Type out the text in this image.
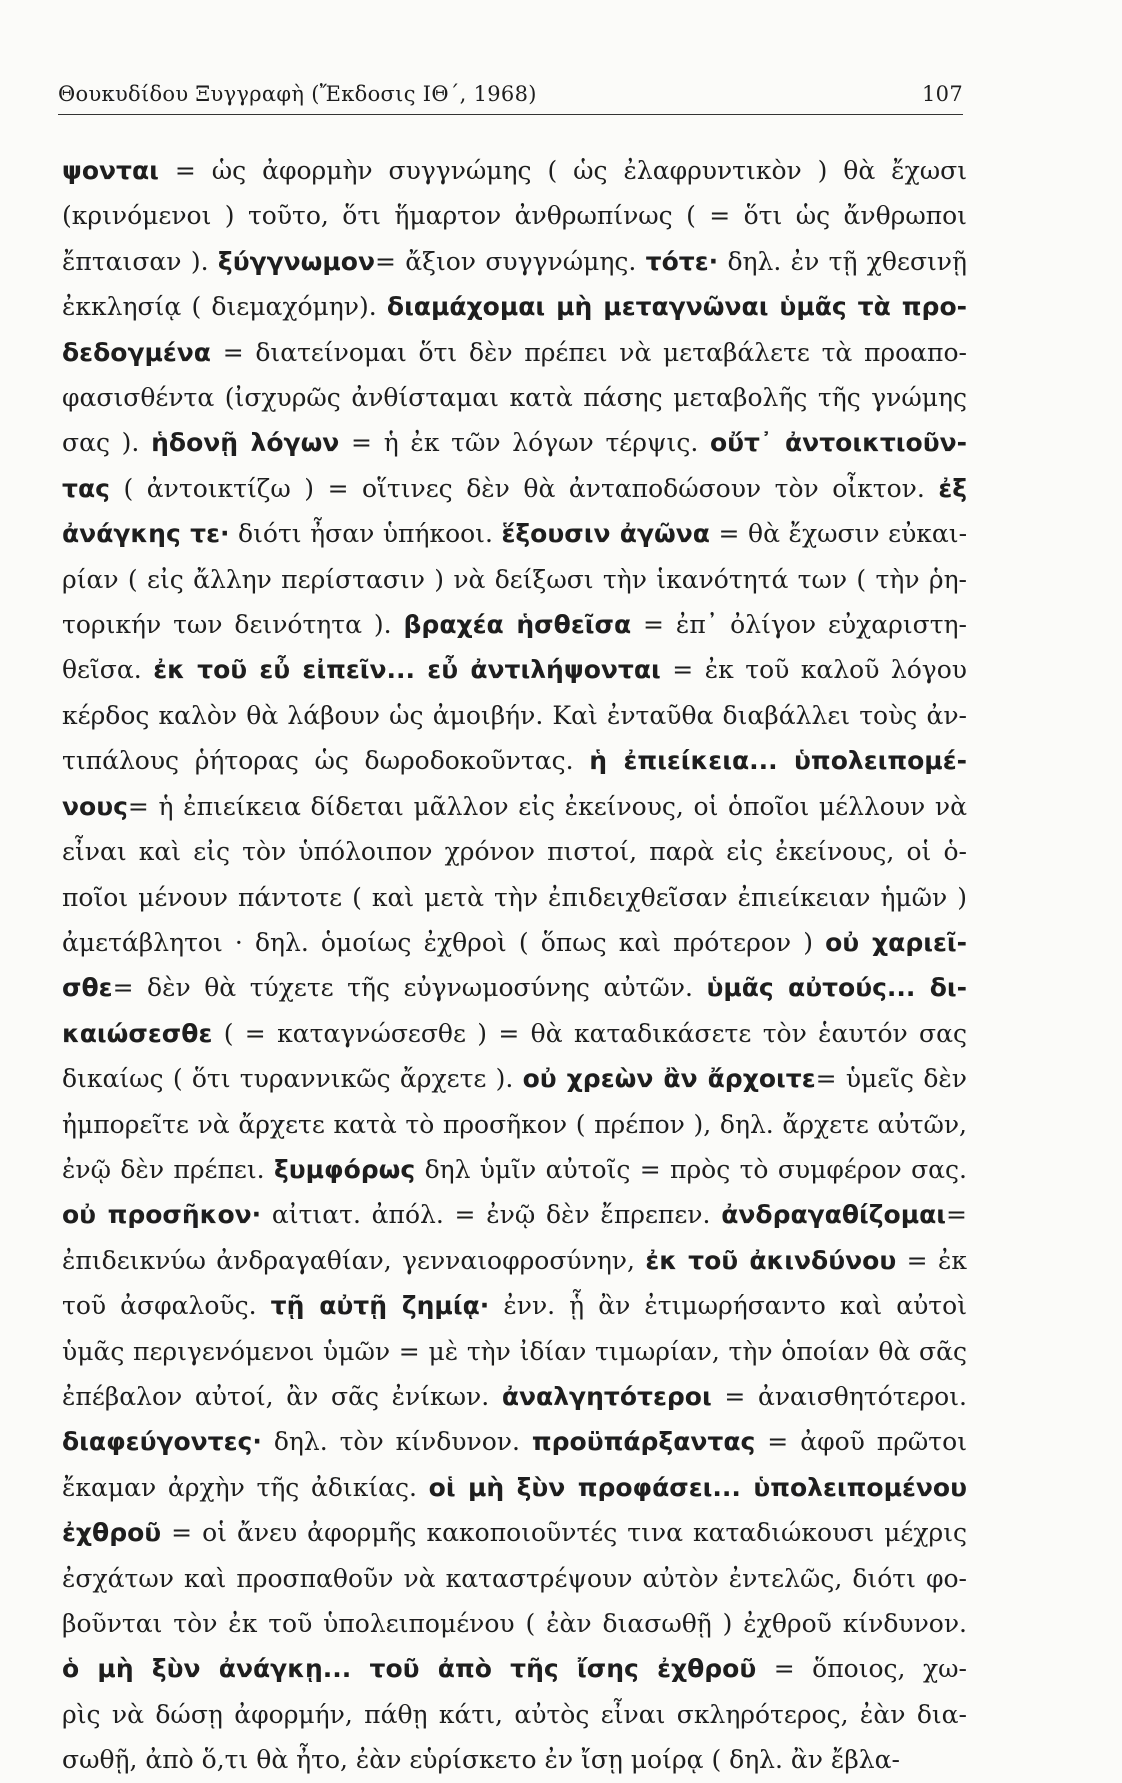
Θουκυδίδου Ξυγγραφὴ (Ἔκδοσις ΙΘ΄, 1968)	107
ψονται = ὡς ἀφορμὴν συγγνώμης ( ὡς ἐλαφρυντικὸν ) θὰ ἔχωσι
(κρινόμενοι ) τοῦτο, ὅτι ἥμαρτον ἀνθρωπίνως ( = ὅτι ὡς ἄνθρωποι
ἔπταισαν ). ξύγγνωμον= ἄξιον συγγνώμης. τότε· δηλ. ἐν τῇ χθεσινῇ
ἐκκλησίᾳ ( διεμαχόμην). διαμάχομαι μὴ μεταγνῶναι ὑμᾶς τὰ προ-
δεδογμένα = διατείνομαι ὅτι δὲν πρέπει νὰ μεταβάλετε τὰ προαπο-
φασισθέντα (ἰσχυρῶς ἀνθίσταμαι κατὰ πάσης μεταβολῆς τῆς γνώμης
σας ). ἡδονῇ λόγων = ἡ ἐκ τῶν λόγων τέρψις. οὔτ᾽ ἀντοικτιοῦν-
τας ( ἀντοικτίζω ) = οἵτινες δὲν θὰ ἀνταποδώσουν τὸν οἶκτον. ἐξ
ἀνάγκης τε· διότι ἦσαν ὑπήκοοι. ἕξουσιν ἀγῶνα = θὰ ἔχωσιν εὐκαι-
ρίαν ( εἰς ἄλλην περίστασιν ) νὰ δείξωσι τὴν ἱκανότητά των ( τὴν ῥη-
τορικήν των δεινότητα ). βραχέα ἡσθεῖσα = ἐπ᾽ ὀλίγον εὐχαριστη-
θεῖσα. ἐκ τοῦ εὖ εἰπεῖν... εὖ ἀντιλήψονται = ἐκ τοῦ καλοῦ λόγου
κέρδος καλὸν θὰ λάβουν ὡς ἀμοιβήν. Καὶ ἐνταῦθα διαβάλλει τοὺς ἀν-
τιπάλους ῥήτορας ὡς δωροδοκοῦντας. ἡ ἐπιείκεια... ὑπολειπομέ-
νους= ἡ ἐπιείκεια δίδεται μᾶλλον εἰς ἐκείνους, οἱ ὁποῖοι μέλλουν νὰ
εἶναι καὶ εἰς τὸν ὑπόλοιπον χρόνον πιστοί, παρὰ εἰς ἐκείνους, οἱ ὁ-
ποῖοι μένουν πάντοτε ( καὶ μετὰ τὴν ἐπιδειχθεῖσαν ἐπιείκειαν ἡμῶν )
ἀμετάβλητοι · δηλ. ὁμοίως ἐχθροὶ ( ὅπως καὶ πρότερον ) οὐ χαριεῖ-
σθε= δὲν θὰ τύχετε τῆς εὐγνωμοσύνης αὐτῶν. ὑμᾶς αὐτούς... δι-
καιώσεσθε ( = καταγνώσεσθε ) = θὰ καταδικάσετε τὸν ἑαυτόν σας
δικαίως ( ὅτι τυραννικῶς ἄρχετε ). οὐ χρεὼν ἂν ἄρχοιτε= ὑμεῖς δὲν
ἠμπορεῖτε νὰ ἄρχετε κατὰ τὸ προσῆκον ( πρέπον ), δηλ. ἄρχετε αὐτῶν,
ἐνῷ δὲν πρέπει. ξυμφόρως δηλ ὑμῖν αὐτοῖς = πρὸς τὸ συμφέρον σας.
οὐ προσῆκον· αἰτιατ. ἀπόλ. = ἐνῷ δὲν ἔπρεπεν. ἀνδραγαθίζομαι=
ἐπιδεικνύω ἀνδραγαθίαν, γενναιοφροσύνην, ἐκ τοῦ ἀκινδύνου = ἐκ
τοῦ ἀσφαλοῦς. τῇ αὐτῇ ζημίᾳ· ἐνν. ᾗ ἂν ἐτιμωρήσαντο καὶ αὐτοὶ
ὑμᾶς περιγενόμενοι ὑμῶν = μὲ τὴν ἰδίαν τιμωρίαν, τὴν ὁποίαν θὰ σᾶς
ἐπέβαλον αὐτοί, ἂν σᾶς ἐνίκων. ἀναλγητότεροι = ἀναισθητότεροι.
διαφεύγοντες· δηλ. τὸν κίνδυνον. προϋπάρξαντας = ἀφοῦ πρῶτοι
ἔκαμαν ἀρχὴν τῆς ἀδικίας. οἱ μὴ ξὺν προφάσει... ὑπολειπομένου
ἐχθροῦ = οἱ ἄνευ ἀφορμῆς κακοποιοῦντές τινα καταδιώκουσι μέχρις
ἐσχάτων καὶ προσπαθοῦν νὰ καταστρέψουν αὐτὸν ἐντελῶς, διότι φο-
βοῦνται τὸν ἐκ τοῦ ὑπολειπομένου ( ἐὰν διασωθῇ ) ἐχθροῦ κίνδυνον.
ὁ μὴ ξὺν ἀνάγκῃ... τοῦ ἀπὸ τῆς ἴσης ἐχθροῦ = ὅποιος, χω-
ρὶς νὰ δώσῃ ἀφορμήν, πάθῃ κάτι, αὐτὸς εἶναι σκληρότερος, ἐὰν δια-
σωθῇ, ἀπὸ ὅ,τι θὰ ἦτο, ἐὰν εὑρίσκετο ἐν ἴσῃ μοίρᾳ ( δηλ. ἂν ἔβλα-
